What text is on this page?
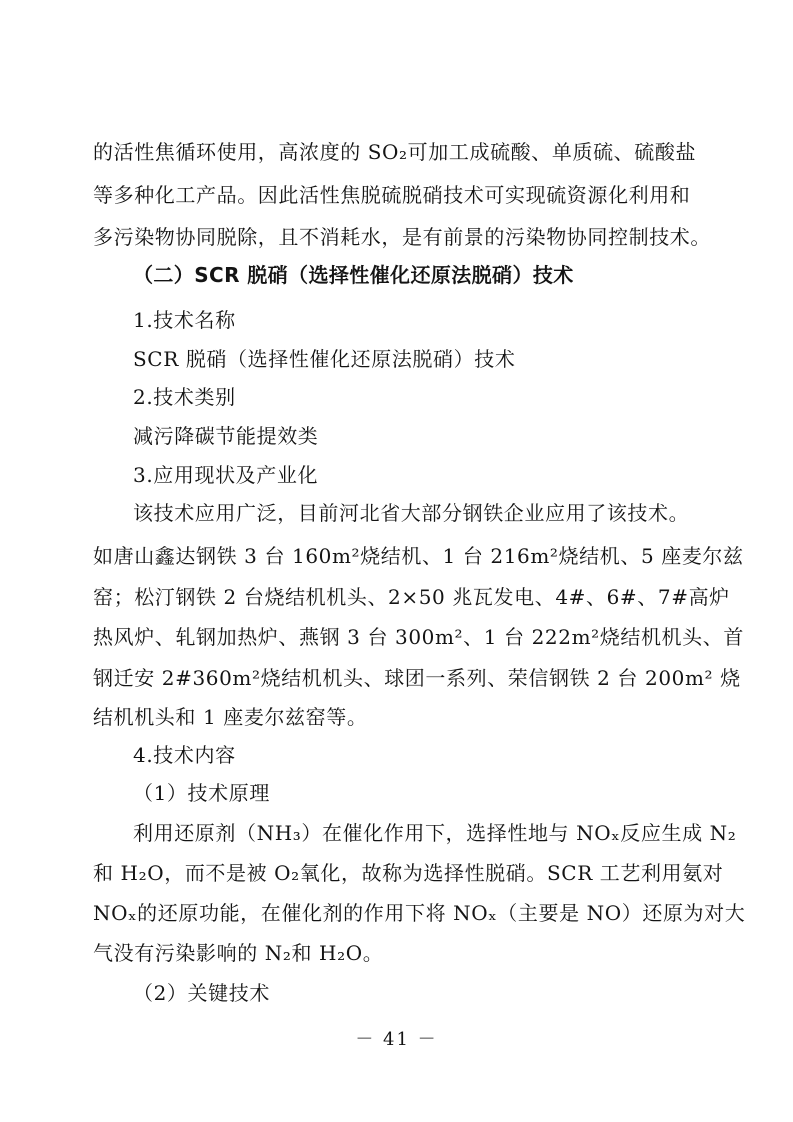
的活性焦循环使用，高浓度的 SO₂可加工成硫酸、单质硫、硫酸盐
等多种化工产品。因此活性焦脱硫脱硝技术可实现硫资源化利用和
多污染物协同脱除，且不消耗水，是有前景的污染物协同控制技术。
（二）SCR 脱硝（选择性催化还原法脱硝）技术
1.技术名称
SCR 脱硝（选择性催化还原法脱硝）技术
2.技术类别
减污降碳节能提效类
3.应用现状及产业化
该技术应用广泛，目前河北省大部分钢铁企业应用了该技术。
如唐山鑫达钢铁 3 台 160m²烧结机、1 台 216m²烧结机、5 座麦尔兹
窑；松汀钢铁 2 台烧结机机头、2×50 兆瓦发电、4#、6#、7#高炉
热风炉、轧钢加热炉、燕钢 3 台 300m²、1 台 222m²烧结机机头、首
钢迁安 2#360m²烧结机机头、球团一系列、荣信钢铁 2 台 200m² 烧
结机机头和 1 座麦尔兹窑等。
4.技术内容
（1）技术原理
利用还原剂（NH₃）在催化作用下，选择性地与 NOₓ反应生成 N₂
和 H₂O，而不是被 O₂氧化，故称为选择性脱硝。SCR 工艺利用氨对
NOₓ的还原功能，在催化剂的作用下将 NOₓ（主要是 NO）还原为对大
气没有污染影响的 N₂和 H₂O。
（2）关键技术
－ 41 －
